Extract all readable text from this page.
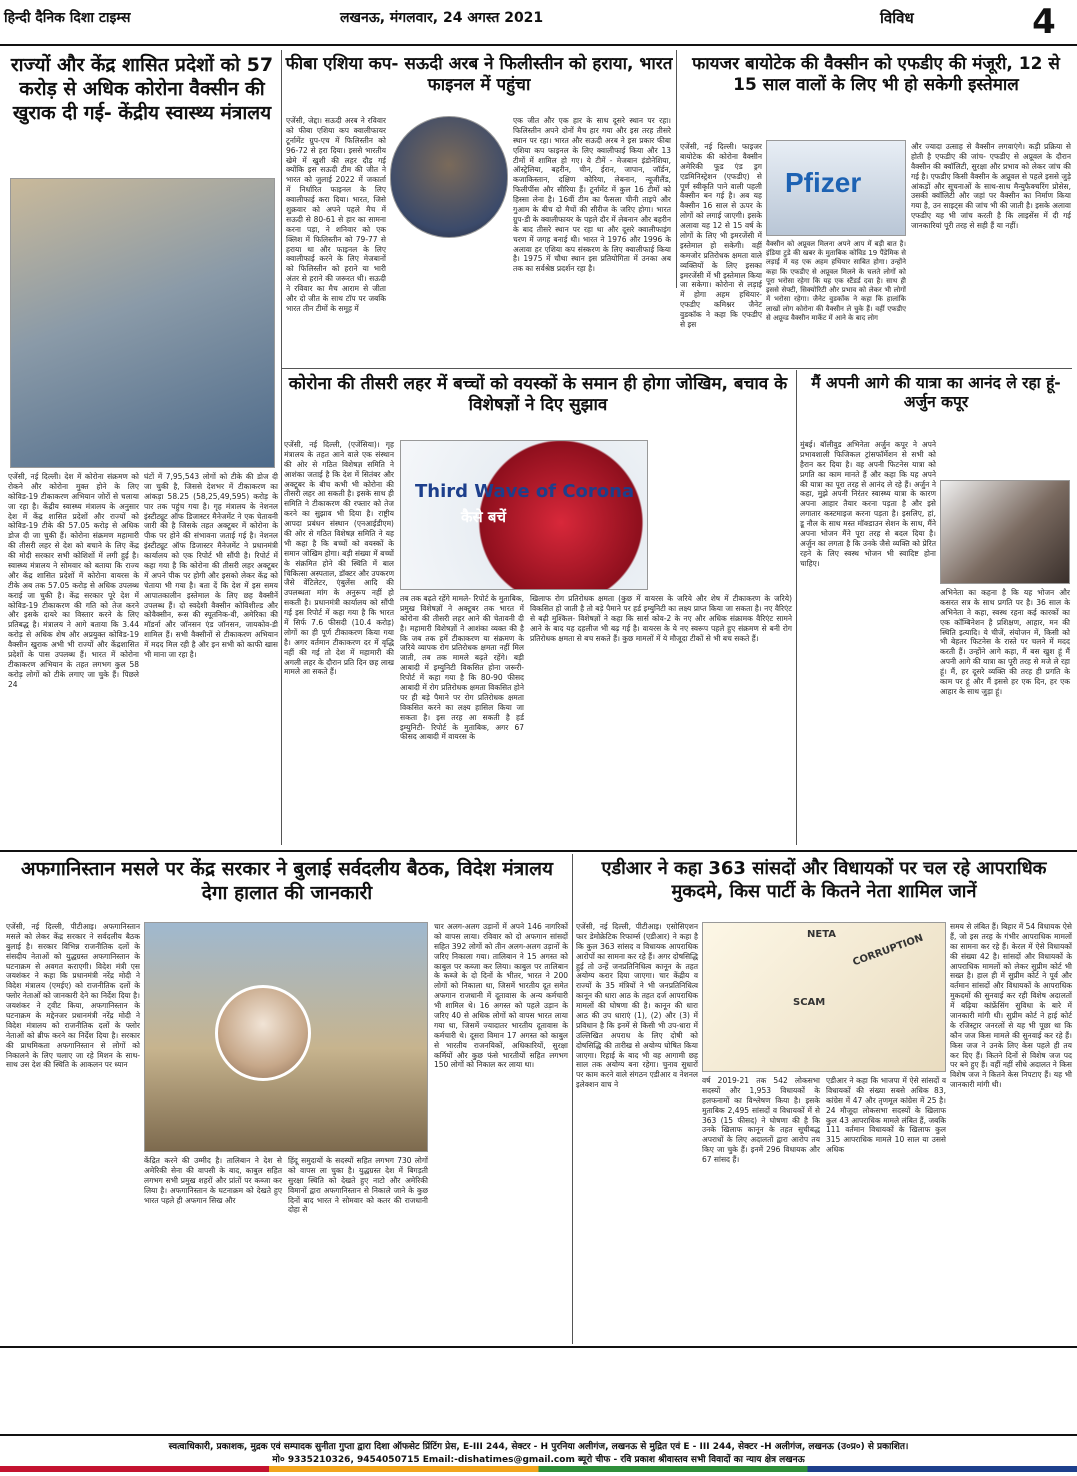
हिन्दी दैनिक दिशा टाइम्स	लखनऊ, मंगलवार, 24 अगस्त 2021	विविध	4
राज्यों और केंद्र शासित प्रदेशों को 57 करोड़ से अधिक कोरोना वैक्सीन की खुराक दी गई- केंद्रीय स्वास्थ्य मंत्रालय
एजेंसी, नई दिल्ली। देश में कोरोना संक्रमण को रोकने और कोरोना मुक्त होने के लिए कोविड-19 टीकाकरण अभियान जोरों से चलाया जा रहा है। केंद्रीय स्वास्थ्य मंत्रालय के अनुसार देश में केंद्र शासित प्रदेशों और राज्यों को कोविड-19 टीके की 57.05 करोड़ से अधिक डोज दी जा चुकी हैं। कोरोना संक्रमण महामारी की तीसरी लहर से देश को बचाने के लिए केंद्र की मोदी सरकार सभी कोशिशों में लगी हुई है। स्वास्थ्य मंत्रालय ने सोमवार को बताया कि राज्य और केंद्र शासित प्रदेशों में कोरोना वायरस के टीके अब तक 57.05 करोड़ से अधिक उपलब्ध कराई जा चुकी है। केंद्र सरकार पूरे देश में कोविड-19 टीकाकरण की गति को तेज करने और इसके दायरे का विस्तार करने के लिए प्रतिबद्ध है। मंत्रालय ने आगे बताया कि 3.44 करोड़ से अधिक शेष और अप्रयुक्त कोविड-19 वैक्सीन खुराक अभी भी राज्यों और केंद्रशासित प्रदेशों के पास उपलब्ध हैं। भारत में कोरोना टीकाकरण अभियान के तहत लगभग कुल 58 करोड़ लोगों को टीके लगाए जा चुके हैं। पिछले 24
घंटों में 7,95,543 लोगों को टीके की डोज दी जा चुकी है, जिससे देशभर में टीकाकरण का आंकड़ा 58.25 (58,25,49,595) करोड़ के पार तक पहुंच गया है। गृह मंत्रालय के नेशनल इंस्टीट्यूट ऑफ डिजास्टर मैनेजमेंट ने एक चेतावनी जारी की है जिसके तहत अक्टूबर में कोरोना के पीक पर होने की संभावना जताई गई है। नेशनल इंस्टीट्यूट ऑफ डिजास्टर मैनेजमेंट ने प्रधानमंत्री कार्यालय को एक रिपोर्ट भी सौंपी है। रिपोर्ट में कहा गया है कि कोरोना की तीसरी लहर अक्टूबर में अपने पीक पर होगी और इसको लेकर केंद्र को चेताया भी गया है। बता दें कि देश में इस समय आपातकालीन इस्तेमाल के लिए छह वैक्सीनें उपलब्ध हैं। दो स्वदेशी वैक्सीन कोविशील्ड और कोवैक्सीन, रूस की स्पूतनिक-वी, अमेरिका की मॉडर्ना और जॉनसन एंड जॉनसन, जायकोव-डी शामिल हैं। सभी वैक्सीनों से टीकाकरण अभियान में मदद मिल रही है और इन सभी को काफी खास भी माना जा रहा है।
फीबा एशिया कप- सऊदी अरब ने फिलीस्तीन को हराया, भारत फाइनल में पहुंचा
एजेंसी, जेद्दा। सऊदी अरब ने रविवार को फीबा एशिया कप क्वालीफायर टूर्नामेंट ग्रुप-एच में फिलिस्तीन को 96-72 से हरा दिया। इससे भारतीय खेमे में खुशी की लहर दौड़ गई क्योंकि इस सऊदी टीम की जीत ने भारत को जुलाई 2022 में जकार्ता में निर्धारित फाइनल के लिए क्वालीफाई करा दिया। भारत, जिसे शुक्रवार को अपने पहले मैच में सऊदी से 80-61 से हार का सामना करना पड़ा, ने शनिवार को एक क्लिश में फिलिस्तीन को 79-77 से हराया था और फाइनल के लिए क्वालीफाई करने के लिए मेजबानों को फिलिस्तीन को हराने या भारी अंतर से हराने की जरूरत थी। सऊदी ने रविवार का मैच आराम से जीता और दो जीत के साथ टॉप पर जबकि भारत तीन टीमों के समूह में
एक जीत और एक हार के साथ दूसरे स्थान पर रहा। फिलिस्तीन अपने दोनों मैच हार गया और इस तरह तीसरे स्थान पर रहा। भारत और सऊदी अरब ने इस प्रकार फीबा एशिया कप फाइनल के लिए क्वालीफाई किया और 13 टीमों में शामिल हो गए। ये टीमें - मेजबान इंडोनेशिया, ऑस्ट्रेलिया, बहरीन, चीन, ईरान, जापान, जॉर्डन, कजाकिस्तान, दक्षिण कोरिया, लेबनान, न्यूजीलैंड, फिलीपींस और सीरिया हैं। टूर्नामेंट में कुल 16 टीमों को हिस्सा लेना है। 16वीं टीम का फैसला चीनी ताइपे और गुआम के बीच दो मैचों की सीरीज के जरिए होगा। भारत ग्रुप-डी के क्वालीफायर के पहले दौर में लेबनान और बहरीन के बाद तीसरे स्थान पर रहा था और दूसरे क्वालीफाइंग चरण में जगह बनाई थी। भारत ने 1976 और 1996 के अलावा हर एशिया कप संस्करण के लिए क्वालीफाई किया है। 1975 में चौथा स्थान इस प्रतियोगिता में उनका अब तक का सर्वश्रेष्ठ प्रदर्शन रहा है।
फायजर बायोटेक की वैक्सीन को एफडीए की मंजूरी, 12 से 15 साल वालों के लिए भी हो सकेगी इस्तेमाल
एजेंसी, नई दिल्ली। फाइजर बायोटेक की कोरोना वैक्सीन अमेरिकी फूड एंड ड्रग एडमिनिस्ट्रेशन (एफडीए) से पूर्ण स्वीकृति पाने वाली पहली वैक्सीन बन गई है। अब यह वैक्सीन 16 साल से ऊपर के लोगों को लगाई जाएगी। इसके अलावा यह 12 से 15 वर्ष के लोगों के लिए भी इमरजेंसी में इस्तेमाल हो सकेगी। वहीं कमजोर प्रतिरोधक क्षमता वाले व्यक्तियों के लिए इसका इमरजेंसी में भी इस्तेमाल किया जा सकेगा। कोरोना से लड़ाई में होगा अहम हथियार- एफडीए कमिश्नर जैनेट वुडकॉक ने कहा कि एफडीए से इस
Pfizer
वैक्सीन को अप्रूवल मिलना अपने आप में बड़ी बात है। इंडिया टुडे की खबर के मुताबिक कोविड 19 पैंडेमिक से लड़ाई में यह एक अहम हथियार साबित होगा। उन्होंने कहा कि एफडीए से अप्रूवल मिलने के चलते लोगों को पूरा भरोसा रहेगा कि यह एक स्टैंडर्ड दवा है। साथ ही इससे सेफ्टी, सिक्योरिटी और प्रभाव को लेकर भी लोगों में भरोसा रहेगा। जैनेट वुडकॉक ने कहा कि हालांकि लाखों लोग कोरोना की वैक्सीन ले चुके हैं। वहीं एफडीए से अप्रूव्ड वैक्सीन मार्केट में आने के बाद लोग
और ज्यादा उत्साह से वैक्सीन लगवाएंगे। कड़ी प्रक्रिया से होती है एफडीए की जांच- एफडीए से अप्रूवल के दौरान वैक्सीन की क्वॉलिटी, सुरक्षा और प्रभाव को लेकर जांच की गई है। एफडीए किसी वैक्सीन के अप्रूवल से पहले इससे जुड़े आंकड़ों और सूचनाओं के साथ-साथ मैन्युफैक्चरिंग प्रोसेस, उसकी क्वॉलिटी और जहां पर वैक्सीन का निर्माण किया गया है, उन साइट्स की जांच भी की जाती है। इसके अलावा एफडीए यह भी जांच करती है कि लाइसेंस में दी गई जानकारियां पूरी तरह से सही हैं या नहीं।
कोरोना की तीसरी लहर में बच्चों को वयस्कों के समान ही होगा जोखिम, बचाव के विशेषज्ञों ने दिए सुझाव
एजेंसी, नई दिल्ली, (एजेंसिया)। गृह मंत्रालय के तहत आने वाले एक संस्थान की ओर से गठित विशेषज्ञ समिति ने आशंका जताई है कि देश में सितंबर और अक्टूबर के बीच कभी भी कोरोना की तीसरी लहर आ सकती है। इसके साथ ही समिति ने टीकाकरण की रफ्तार को तेज करने का सुझाव भी दिया है। राष्ट्रीय आपदा प्रबंधन संस्थान (एनआईडीएम) की ओर से गठित विशेषज्ञ समिति ने यह भी कहा है कि बच्चों को वयस्कों के समान जोखिम होगा। बड़ी संख्या में बच्चों के संक्रमित होने की स्थिति में बाल चिकित्सा अस्पताल, डॉक्टर और उपकरण जैसे वेंटिलेटर, एंबुलेंस आदि की उपलब्धता मांग के अनुरूप नहीं हो सकती है। प्रधानमंत्री कार्यालय को सौंपी गई इस रिपोर्ट में कहा गया है कि भारत में सिर्फ 7.6 फीसदी (10.4 करोड़) लोगों का ही पूर्ण टीकाकरण किया गया है। अगर वर्तमान टीकाकरण दर में वृद्धि नहीं की गई तो देश में महामारी की अगली लहर के दौरान प्रति दिन छह लाख मामले आ सकते हैं।
Third Wave of Corona
कैसे बचें
तब तक बढ़ते रहेंगे मामले- रिपोर्ट के मुताबिक, प्रमुख विशेषज्ञों ने अक्टूबर तक भारत में कोरोना की तीसरी लहर आने की चेतावनी दी है। महामारी विशेषज्ञों ने आशंका व्यक्त की है कि जब तक हमें टीकाकरण या संक्रमण के जरिये व्यापक रोग प्रतिरोधक क्षमता नहीं मिल जाती, तब तक मामले बढ़ते रहेंगे। बड़ी आबादी में इम्युनिटी विकसित होना जरूरी- रिपोर्ट में कहा गया है कि 80-90 फीसद आबादी में रोग प्रतिरोधक क्षमता विकसित होने पर ही बड़े पैमाने पर रोग प्रतिरोधक क्षमता विकसित करने का लक्ष्य हासिल किया जा सकता है। इस तरह आ सकती है हर्ड इम्युनिटी- रिपोर्ट के मुताबिक, अगर 67 फीसद आबादी में वायरस के
खिलाफ रोग प्रतिरोधक क्षमता (कुछ में वायरस के जरिये और शेष में टीकाकरण के जरिये) विकसित हो जाती है तो बड़े पैमाने पर हर्ड इम्युनिटी का लक्ष्य प्राप्त किया जा सकता है। नए वैरिएंट से बढ़ी मुश्किल- विशेषज्ञों ने कहा कि सार्स कोव-2 के नए और अधिक संक्रामक वैरिएंट सामने आने के बाद यह दहलीज भी बढ़ गई है। वायरस के ये नए स्वरूप पहले हुए संक्रमण से बनी रोग प्रतिरोधक क्षमता से बच सकते हैं। कुछ मामलों में ये मौजूदा टीकों से भी बच सकते हैं।
मैं अपनी आगे की यात्रा का आनंद ले रहा हूं- अर्जुन कपूर
मुंबई। बॉलीवुड अभिनेता अर्जुन कपूर ने अपने प्रभावशाली फिजिकल ट्रांसफॉर्मेशन से सभी को हैरान कर दिया है। वह अपनी फिटनेस यात्रा को प्रगति का काम मानते हैं और कहा कि यह अपने की यात्रा का पूरा तरह से आनंद ले रहे हैं। अर्जुन ने कहा, मुझे अपनी निरंतर स्वास्थ्य यात्रा के कारण अपना आहार तैयार करना पड़ता है और इसे लगातार कस्टमाइज करना पड़ता है। इसलिए, हां, डू नौल के साथ मस्त मॉक्डाउन सेशन के साथ, मैंने अपना भोजन मैंने पूरा तरह से बदल दिया है। अर्जुन का लगता है कि उनके जैसे व्यक्ति को प्रेरित रहने के लिए स्वस्थ भोजन भी स्वादिष्ट होना चाहिए।
अभिनेता का कहना है कि यह भोजन और कसरत सत्र के साथ प्रगति पर है। 36 साल के अभिनेता ने कहा, स्वस्थ रहना कई कारकों का एक कॉम्बिनेशन है प्रशिक्षण, आहार, मन की स्थिति इत्यादि। ये चीजें, संयोजन में, किसी को भी बेहतर फिटनेस के रास्ते पर चलने में मदद करती हैं। उन्होंने आगे कहा, मैं बस खुश हूं मैं अपनी आगे की यात्रा का पूरी तरह से मजे ले रहा हूं। मैं, हर दूसरे व्यक्ति की तरह ही प्रगति के काम पर हूं और मैं इससे हर एक दिन, हर एक आहार के साथ जुड़ा हूं।
अफगानिस्तान मसले पर केंद्र सरकार ने बुलाई सर्वदलीय बैठक, विदेश मंत्रालय देगा हालात की जानकारी
एजेंसी, नई दिल्ली, पीटीआइ। अफगानिस्तान मसले को लेकर केंद्र सरकार ने सर्वदलीय बैठक बुलाई है। सरकार विभिन्न राजनीतिक दलों के संसदीय नेताओं को युद्धग्रस्त अफगानिस्तान के घटनाक्रम से अवगत कराएगी। विदेश मंत्री एस जयशंकर ने कहा कि प्रधानमंत्री नरेंद्र मोदी ने विदेश मंत्रालय (एमईए) को राजनीतिक दलों के फ्लोर नेताओं को जानकारी देने का निर्देश दिया है। जयशंकर ने ट्वीट किया, अफगानिस्तान के घटनाक्रम के मद्देनजर प्रधानमंत्री नरेंद्र मोदी ने विदेश मंत्रालय को राजनीतिक दलों के फ्लोर नेताओं को ब्रीफ करने का निर्देश दिया है। सरकार की प्राथमिकता अफगानिस्तान से लोगों को निकालने के लिए चलाए जा रहे मिशन के साथ-साथ उस देश की स्थिति के आकलन पर ध्यान
केंद्रित करने की उम्मीद है। तालिबान ने देश से अमेरिकी सेना की वापसी के बाद, काबुल सहित लगभग सभी प्रमुख शहरों और प्रांतों पर कब्जा कर लिया है। अफगानिस्तान के घटनाक्रम को देखते हुए भारत पहले ही अफगान सिख और
हिंदू समुदायों के सदस्यों सहित लगभग 730 लोगों को वापस ला चुका है। युद्धग्रस्त देश में बिगड़ती सुरक्षा स्थिति को देखते हुए नाटो और अमेरिकी विमानों द्वारा अफगानिस्तान से निकाले जाने के कुछ दिनों बाद भारत ने सोमवार को कतर की राजधानी दोहा से
चार अलग-अलग उड़ानों में अपने 146 नागरिकों को वापस लाया। रविवार को दो अफगान सांसदों सहित 392 लोगों को तीन अलग-अलग उड़ानों के जरिए निकाला गया। तालिबान ने 15 अगस्त को काबुल पर कब्जा कर लिया। काबुल पर तालिबान के कब्जे के दो दिनों के भीतर, भारत ने 200 लोगों को निकाला था, जिसमें भारतीय दूत समेत अफगान राजधानी में दूतावास के अन्य कर्मचारी भी शामिल थे। 16 अगस्त को पहले उड़ान के जरिए 40 से अधिक लोगों को वापस भारत लाया गया था, जिसमें ज्यादातर भारतीय दूतावास के कर्मचारी थे। दूसरा विमान 17 अगस्त को काबुल से भारतीय राजनयिकों, अधिकारियों, सुरक्षा कर्मियों और कुछ फंसे भारतीयों सहित लगभग 150 लोगों को निकाल कर लाया था।
एडीआर ने कहा 363 सांसदों और विधायकों पर चल रहे आपराधिक मुकदमे, किस पार्टी के कितने नेता शामिल जानें
एजेंसी, नई दिल्ली, पीटीआइ। एसोसिएशन फार डेमोक्रेटिक रिफार्म्स (एडीआर) ने कहा है कि कुल 363 सांसद व विधायक आपराधिक आरोपों का सामना कर रहे हैं। अगर दोषसिद्धि हुई तो उन्हें जनप्रतिनिधित्व कानून के तहत अयोग्य करार दिया जाएगा। चार केंद्रीय व राज्यों के 35 मंत्रियों ने भी जनप्रतिनिधित्व कानून की धारा आठ के तहत दर्ज आपराधिक मामलों की घोषणा की है। कानून की धारा आठ की उप धाराएं (1), (2) और (3) में प्रविधान है कि इनमें से किसी भी उप-धारा में उल्लिखित अपराध के लिए दोषी को दोषसिद्धि की तारीख से अयोग्य घोषित किया जाएगा। रिहाई के बाद भी वह आगामी छह साल तक अयोग्य बना रहेगा। चुनाव सुधारों पर काम करने वाले संगठन एडीआर व नेशनल इलेक्शन वाच ने
CORRUPTION
SCAM
NETA
वर्ष 2019-21 तक 542 लोकसभा सदस्यों और 1,953 विधायकों के हलफनामों का विश्लेषण किया है। इसके मुताबिक 2,495 सांसदों व विधायकों में से 363 (15 फीसद) ने घोषणा की है कि उनके खिलाफ कानून के तहत सूचीबद्ध अपराधों के लिए अदालतों द्वारा आरोप तय किए जा चुके हैं। इनमें 296 विधायक और 67 सांसद हैं।
एडीआर ने कहा कि भाजपा में ऐसे सांसदों व विधायकों की संख्या सबसे अधिक 83, कांग्रेस में 47 और तृणमूल कांग्रेस में 25 है। 24 मौजूदा लोकसभा सदस्यों के खिलाफ कुल 43 आपराधिक मामले लंबित हैं, जबकि 111 वर्तमान विधायकों के खिलाफ कुल 315 आपराधिक मामले 10 साल या उससे अधिक
समय से लंबित हैं। बिहार में 54 विधायक ऐसे हैं, जो इस तरह के गंभीर आपराधिक मामलों का सामना कर रहे हैं। केरल में ऐसे विधायकों की संख्या 42 है। सांसदों और विधायकों के आपराधिक मामलों को लेकर सुप्रीम कोर्ट भी सख्त है। हाल ही में सुप्रीम कोर्ट ने पूर्व और वर्तमान सांसदों और विधायकों के आपराधिक मुकदमों की सुनवाई कर रही विशेष अदालतों में बढ़िया कांफ्रेंसिंग सुविधा के बारे में जानकारी मांगी थी। सुप्रीम कोर्ट ने हाई कोर्ट के रजिस्ट्रार जनरलों से यह भी पूछा था कि कौन जज किस मामले की सुनवाई कर रहे हैं। किस जज ने उनके लिए केस पहले ही तय कर दिए हैं। कितने दिनों से विशेष जज पद पर बने हुए हैं। वहीं नहीं सीधे अदालत ने किस विशेष जज ने कितने केस निपटाए हैं। यह भी जानकारी मांगी थी।
स्वत्वाधिकारी, प्रकाशक, मुद्रक एवं सम्पादक सुनीता गुप्ता द्वारा दिशा ऑफसेट प्रिंटिंग प्रेस, E-III 244, सेक्टर - H पुरनिया अलीगंज, लखनऊ से मुद्रित एवं E - III 244, सेक्टर -H अलीगंज, लखनऊ (उ०प्र०) से प्रकाशित।
मो० 9335210326, 9454050715 Email:-dishatimes@gmail.com ब्यूरो चीफ - रवि प्रकाश श्रीवास्तव सभी विवादों का न्याय क्षेत्र लखनऊ
